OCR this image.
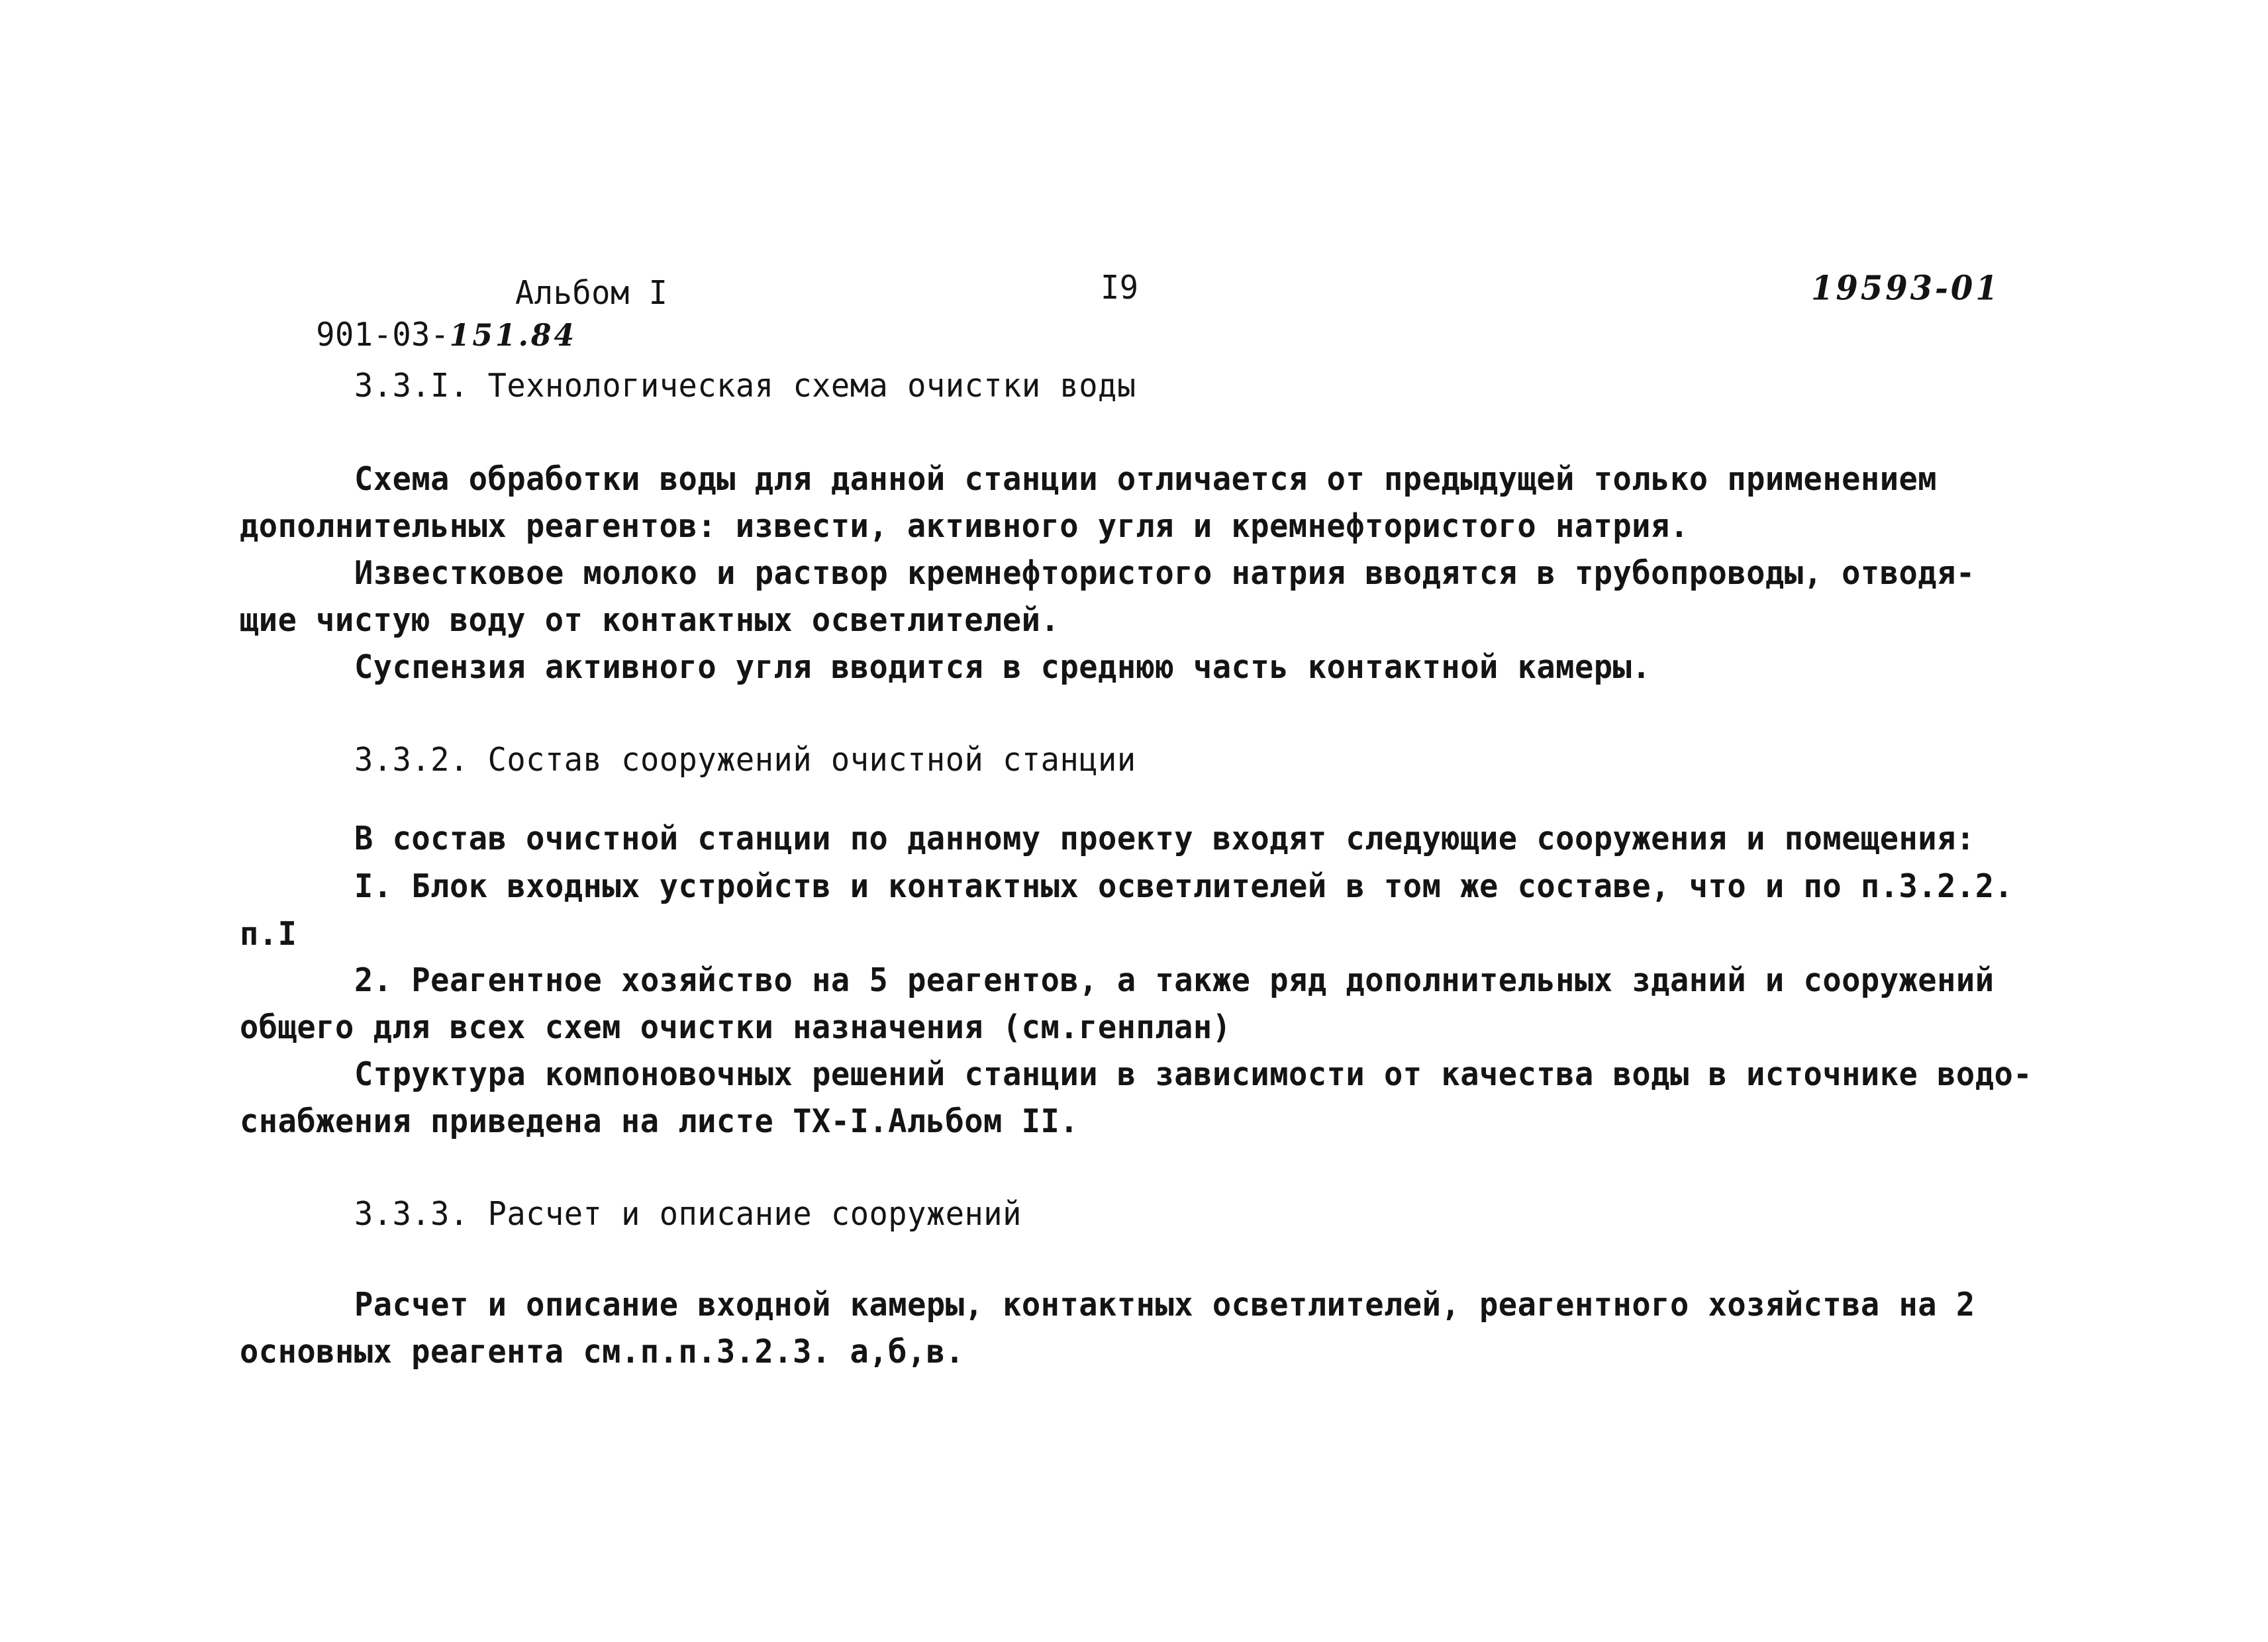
901-03-151.84

Альбом I	I9	19593-01
3.3.I. Технологическая схема очистки воды
Схема обработки воды для данной станции отличается от предыдущей только применением
дополнительных реагентов: извести, активного угля и кремнефтористого натрия.
Известковое молоко и раствор кремнефтористого натрия вводятся в трубопроводы, отводя-
щие чистую воду от контактных осветлителей.
Суспензия активного угля вводится в среднюю часть контактной камеры.
3.3.2. Состав сооружений очистной станции
В состав очистной станции по данному проекту входят следующие сооружения и помещения:
I. Блок входных устройств и контактных осветлителей в том же составе, что и по п.3.2.2.
п.I
2. Реагентное хозяйство на 5 реагентов, а также ряд дополнительных зданий и сооружений
общего для всех схем очистки назначения (см.генплан)
Структура компоновочных решений станции в зависимости от качества воды в источнике водо-
снабжения приведена на листе ТХ-I.Альбом II.
3.3.3. Расчет и описание сооружений
Расчет и описание входной камеры, контактных осветлителей, реагентного хозяйства на 2
основных реагента см.п.п.3.2.3. а,б,в.
